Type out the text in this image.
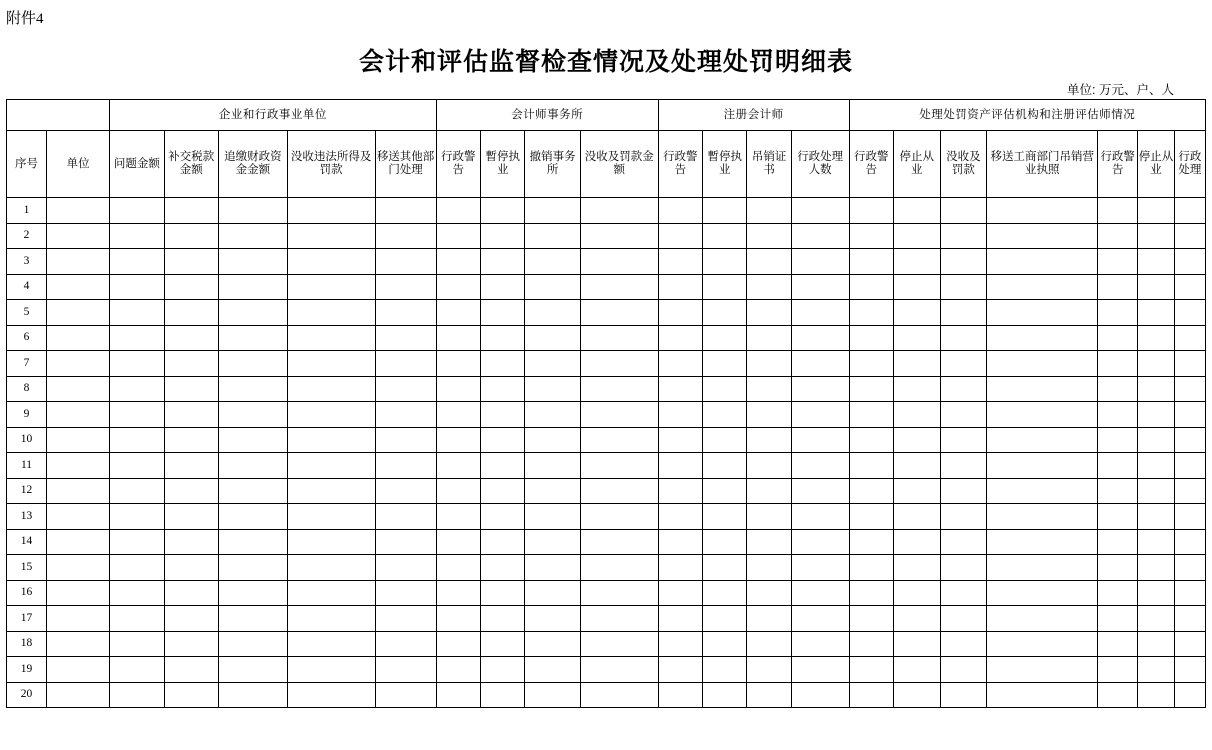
附件4
会计和评估监督检查情况及处理处罚明细表
单位: 万元、户、人
		企业和行政事业单位					会计师事务所				注册会计师				处理处罚资产评估机构和注册评估师情况						
序号	单位	问题金额	补交税款金额	追缴财政资金金额	没收违法所得及罚款	移送其他部门处理	行政警告	暫停执业	撤销事务所	没收及罚款金额	行政警告	暫停执业	吊销证书	行政处理人数	行政警告	停止从业	没收及罚款	移送工商部门吊销营业执照	行政警告	停止从业	行政处理
1																					
2																					
3																					
4																					
5																					
6																					
7																					
8																					
9																					
10																					
11																					
12																					
13																					
14																					
15																					
16																					
17																					
18																					
19																					
20																					
